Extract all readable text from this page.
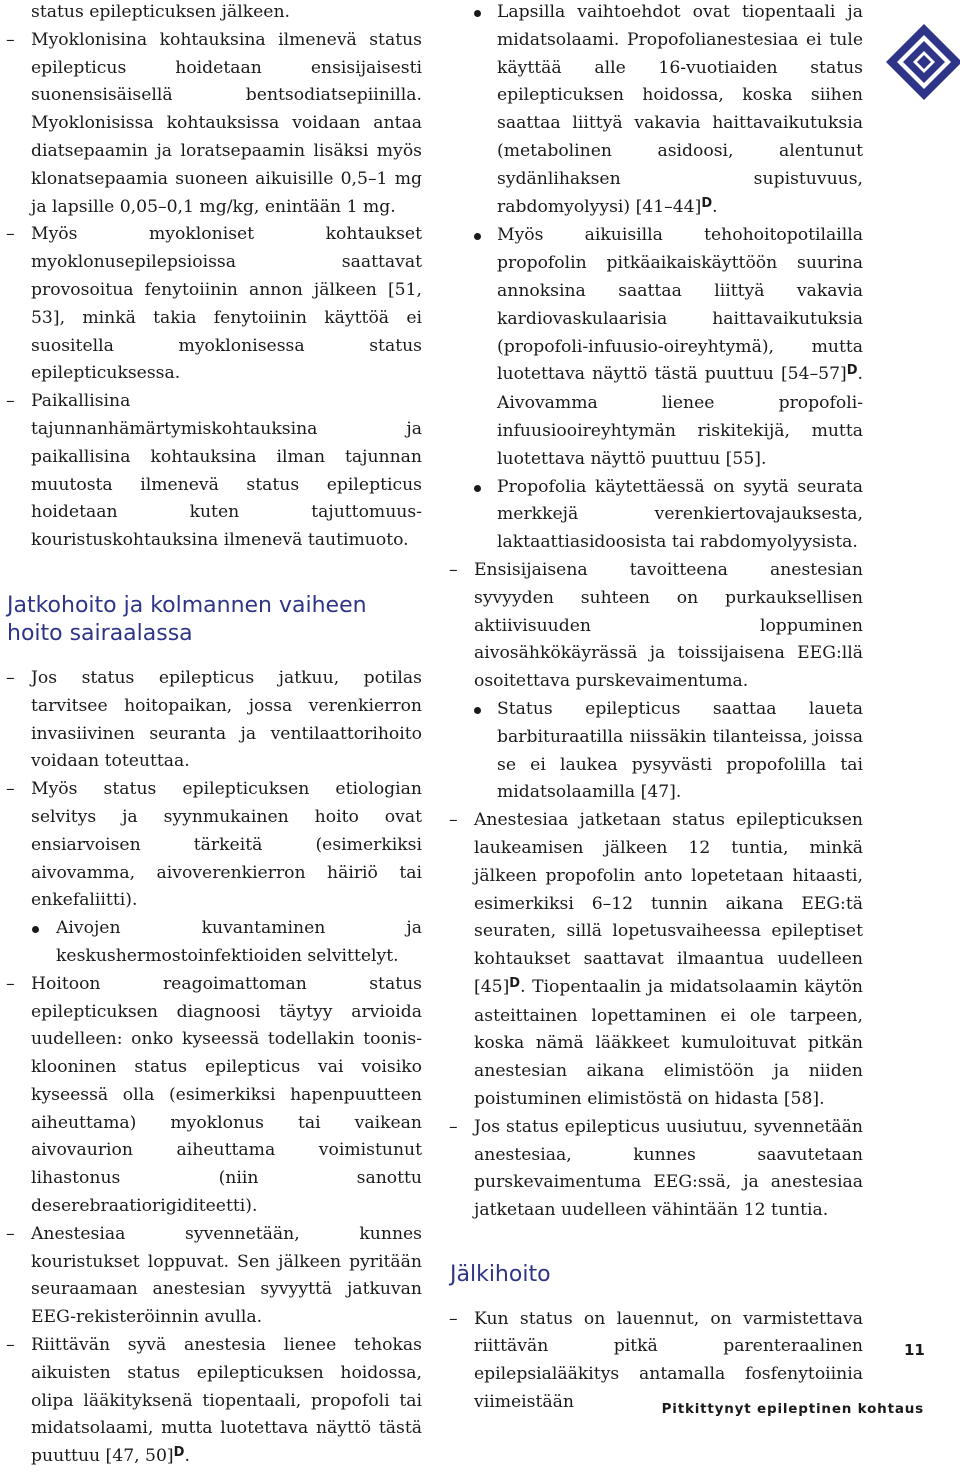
status epilepticuksen jälkeen.

– Myoklonisina kohtauksina ilmenevä status epilepticus hoidetaan ensisijaisesti suonensisäisellä bentsodiatsepiinilla. Myoklonisissa kohtauksissa voidaan antaa diatsepaamin ja loratsepaamin lisäksi myös klonatsepaamia suoneen aikuisille 0,5–1 mg ja lapsille 0,05–0,1 mg/kg, enintään 1 mg.

– Myös myokloniset kohtaukset myoklonusepilepsioissa saattavat provosoitua fenytoiinin annon jälkeen [51, 53], minkä takia fenytoiinin käyttöä ei suositella myoklonisessa status epilepticuksessa.

– Paikallisina tajunnanhämärtymiskohtauksina ja paikallisina kohtauksina ilman tajunnan muutosta ilmenevä status epilepticus hoidetaan kuten tajuttomuus-kouristuskohtauksina ilmenevä tautimuoto.

Jatkohoito ja kolmannen vaiheen hoito sairaalassa

– Jos status epilepticus jatkuu, potilas tarvitsee hoitopaikan, jossa verenkierron invasiivinen seuranta ja ventilaattorihoito voidaan toteuttaa.

– Myös status epilepticuksen etiologian selvitys ja syynmukainen hoito ovat ensiarvoisen tärkeitä (esimerkiksi aivovamma, aivoverenkierron häiriö tai enkefaliitti).

Aivojen kuvantaminen ja keskushermostoinfektioiden selvittelyt.

– Hoitoon reagoimattoman status epilepticuksen diagnoosi täytyy arvioida uudelleen: onko kyseessä todellakin toonis-klooninen status epilepticus vai voisiko kyseessä olla (esimerkiksi hapenpuutteen aiheuttama) myoklonus tai vaikean aivovaurion aiheuttama voimistunut lihastonus (niin sanottu deserebraatiorigiditeetti).

– Anestesiaa syvennetään, kunnes kouristukset loppuvat. Sen jälkeen pyritään seuraamaan anestesian syvyyttä jatkuvan EEG-rekisteröinnin avulla.

– Riittävän syvä anestesia lienee tehokas aikuisten status epilepticuksen hoidossa, olipa lääkityksenä tiopentaali, propofoli tai midatsolaami, mutta luotettava näyttö tästä puuttuu [47, 50]$^D$.

Lapsilla vaihtoehdot ovat tiopentaali ja midatsolaami. Propofolianestesiaa ei tule käyttää alle 16-vuotiaiden status epilepticuksen hoidossa, koska siihen saattaa liittyä vakavia haittavaikutuksia (metabolinen asidoosi, alentunut sydänlihaksen supistuvuus, rabdomyolyysi) [41–44]$^D$.

Myös aikuisilla tehohoitopotilailla propofolin pitkäaikaiskäyttöön suurina annoksina saattaa liittyä vakavia kardiovaskulaarisia haittavaikutuksia (propofoli-infuusio-oireyhtymä), mutta luotettava näyttö tästä puuttuu [54–57]$^D$. Aivovamma lienee propofoli-infuusiooireyhtymän riskitekijä, mutta luotettava näyttö puuttuu [55].

Propofolia käytettäessä on syytä seurata merkkejä verenkiertovajauksesta, laktaattiasidoosista tai rabdomyolyysista.

– Ensisijaisena tavoitteena anestesian syvyyden suhteen on purkauksellisen aktiivisuuden loppuminen aivosähkökäyrässä ja toissijaisena EEG:llä osoitettava purskevaimentuma.

Status epilepticus saattaa laueta barbituraatilla niissäkin tilanteissa, joissa se ei laukea pysyvästi propofolilla tai midatsolaamilla [47].

– Anestesiaa jatketaan status epilepticuksen laukeamisen jälkeen 12 tuntia, minkä jälkeen propofolin anto lopetetaan hitaasti, esimerkiksi 6–12 tunnin aikana EEG:tä seuraten, sillä lopetusvaiheessa epileptiset kohtaukset saattavat ilmaantua uudelleen [45]$^D$. Tiopentaalin ja midatsolaamin käytön asteittainen lopettaminen ei ole tarpeen, koska nämä lääkkeet kumuloituvat pitkän anestesian aikana elimistöön ja niiden poistuminen elimistöstä on hidasta [58].

– Jos status epilepticus uusiutuu, syvennetään anestesiaa, kunnes saavutetaan purskevaimentuma EEG:ssä, ja anestesiaa jatketaan uudelleen vähintään 12 tuntia.

Jälkihoito

– Kun status on lauennut, on varmistettava riittävän pitkä parenteraalinen epilepsialääkitys antamalla fosfenytoiinia viimeistään

11
Pitkittynyt epileptinen kohtaus
